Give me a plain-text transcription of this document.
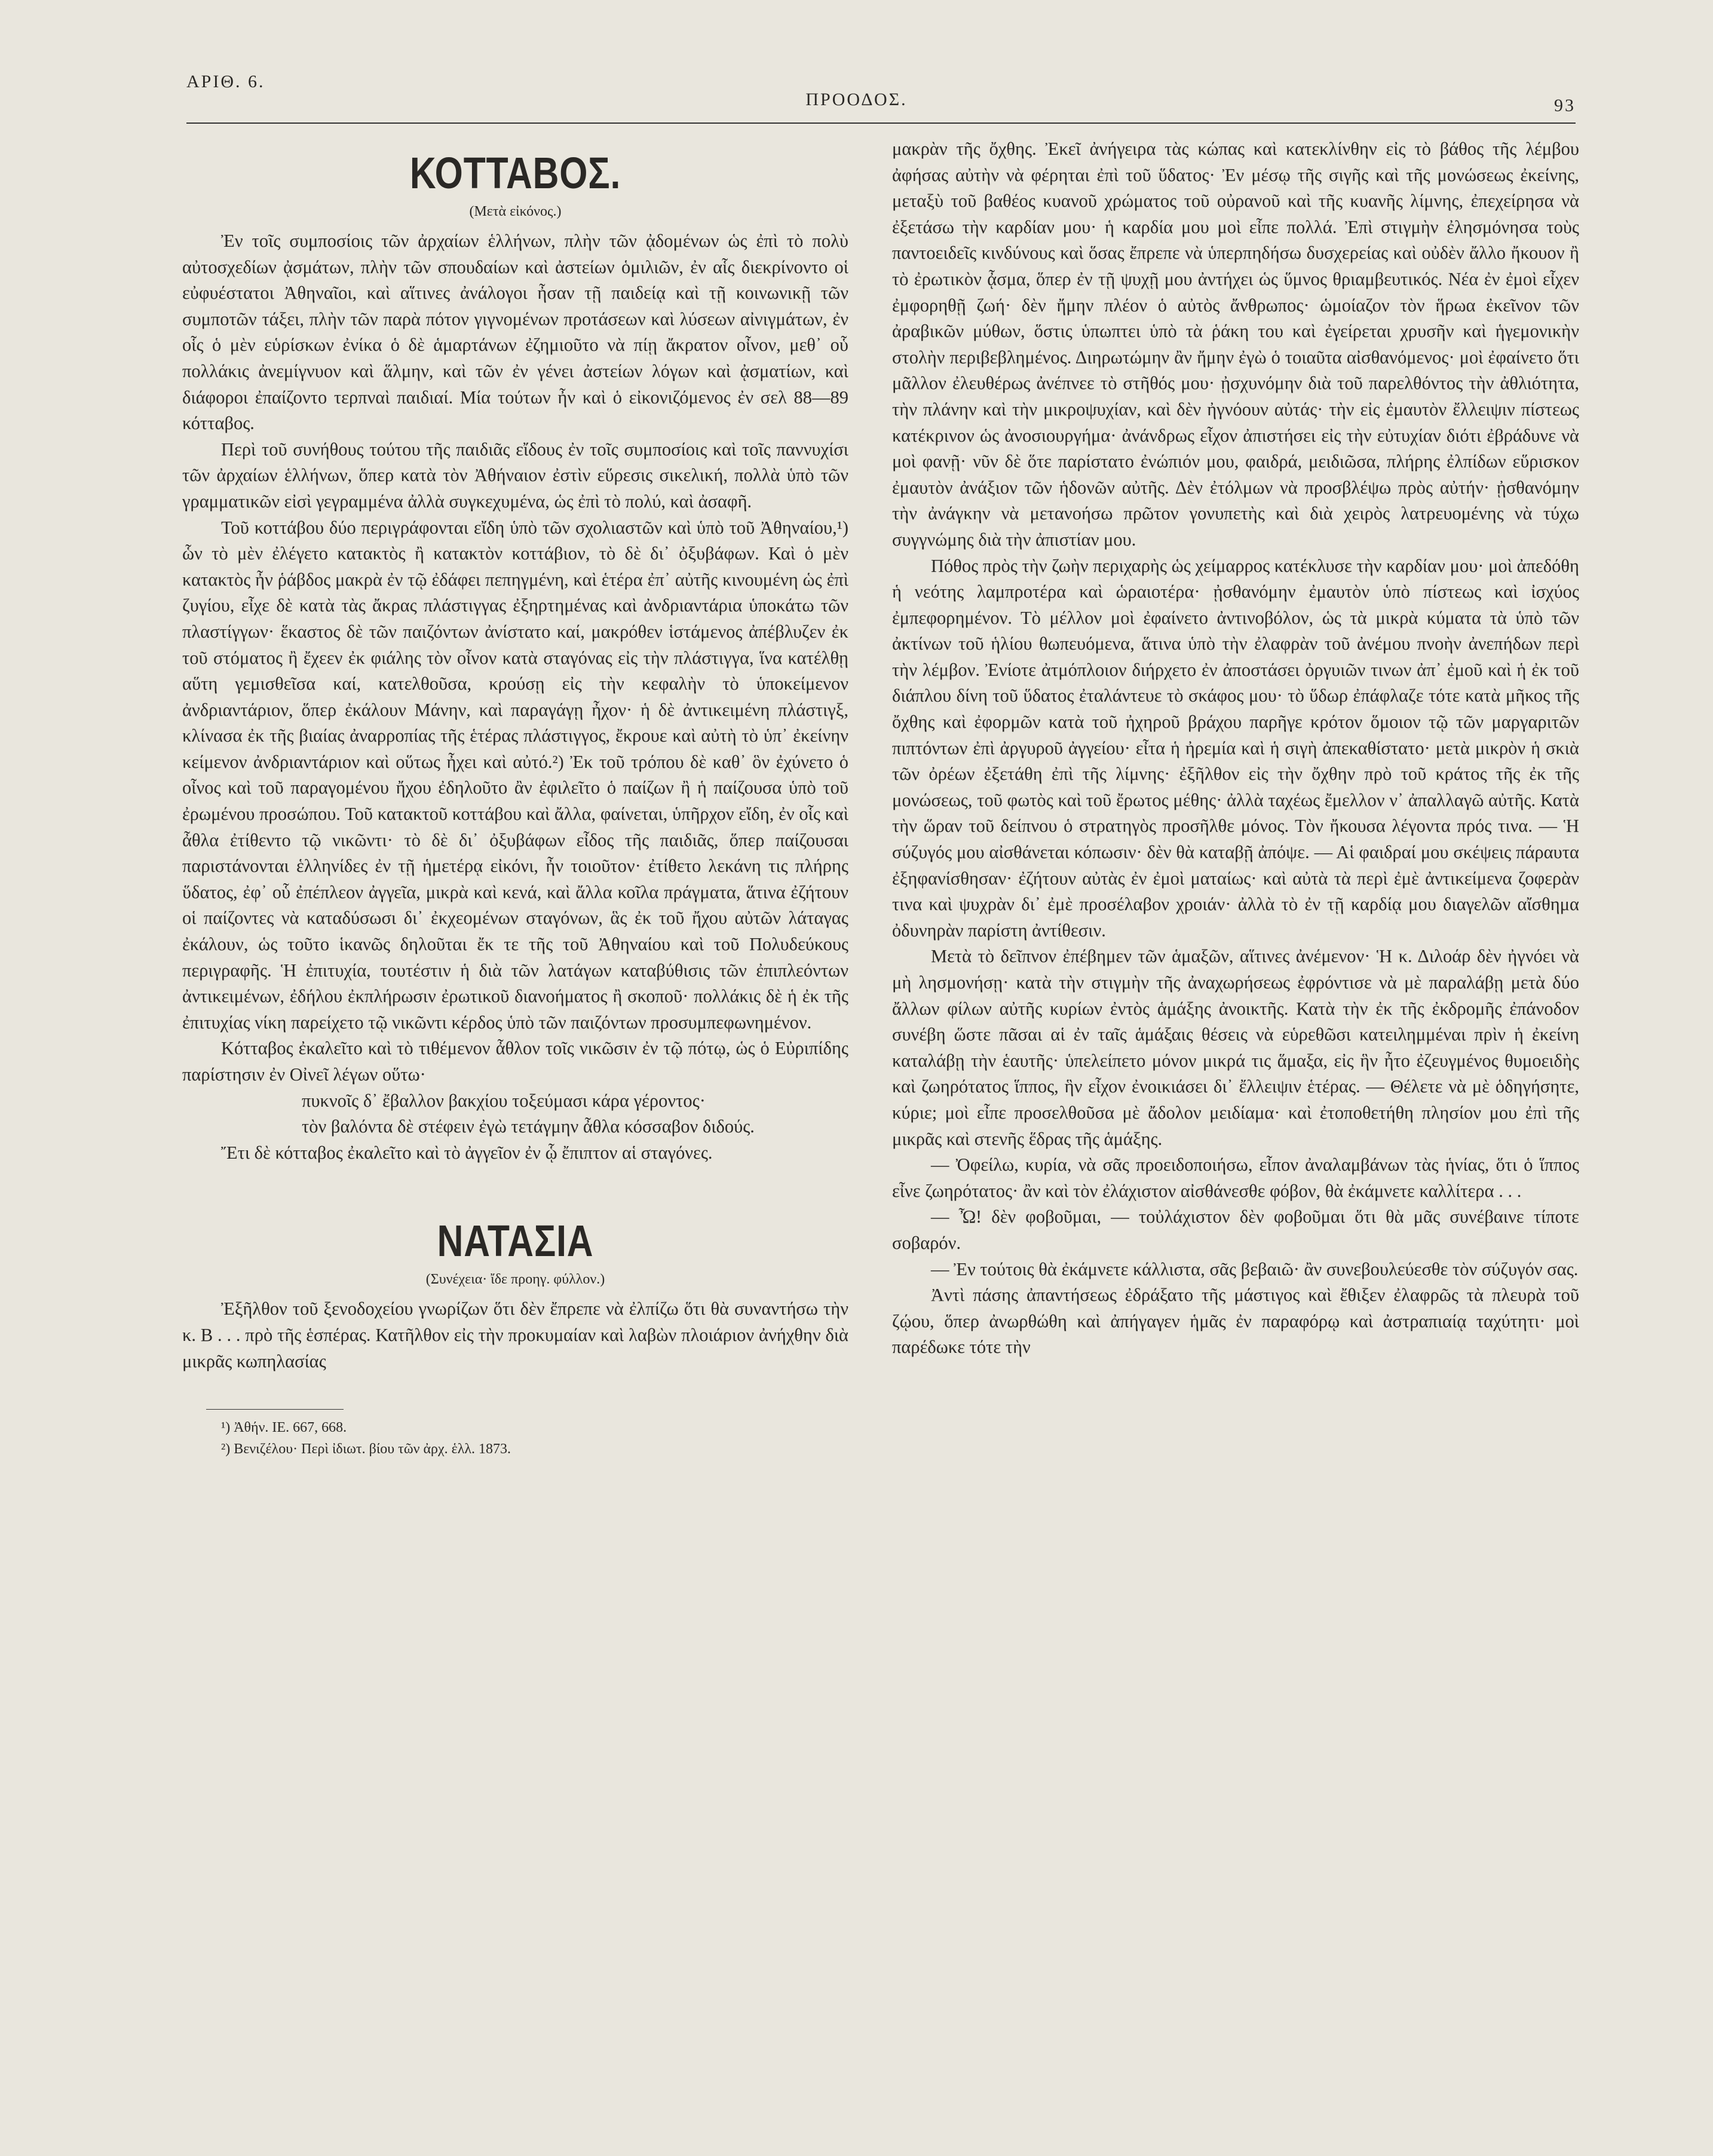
ΑΡΙΘ. 6.
ΠΡΟΟΔΟΣ.	93
ΚΟΤΤΑΒΟΣ.
(Μετὰ εἰκόνος.)

Ἐν τοῖς συμποσίοις τῶν ἀρχαίων ἑλλήνων, πλὴν τῶν ᾀδομένων ὡς ἐπὶ τὸ πολὺ αὐτοσχεδίων ᾀσμάτων, πλὴν τῶν σπουδαίων καὶ ἀστείων ὁμιλιῶν, ἐν αἷς διεκρίνοντο οἱ εὐφυέστατοι Ἀθηναῖοι, καὶ αἵτινες ἀνάλογοι ἦσαν τῇ παιδείᾳ καὶ τῇ κοινωνικῇ τῶν συμποτῶν τάξει, πλὴν τῶν παρὰ πότον γιγνομένων προτάσεων καὶ λύσεων αἰνιγμάτων, ἐν οἷς ὁ μὲν εὑρίσκων ἐνίκα ὁ δὲ ἁμαρτάνων ἐζημιοῦτο νὰ πίῃ ἄκρατον οἶνον, μεθ᾽ οὗ πολλάκις ἀνεμίγνυον καὶ ἅλμην, καὶ τῶν ἐν γένει ἀστείων λόγων καὶ ᾀσματίων, καὶ διάφοροι ἐπαίζοντο τερπναὶ παιδιαί. Μία τούτων ἦν καὶ ὁ εἰκονιζόμενος ἐν σελ 88—89 κότταβος.

Περὶ τοῦ συνήθους τούτου τῆς παιδιᾶς εἴδους ἐν τοῖς συμποσίοις καὶ τοῖς παννυχίσι τῶν ἀρχαίων ἑλλήνων, ὅπερ κατὰ τὸν Ἀθήναιον ἐστὶν εὕρεσις σικελική, πολλὰ ὑπὸ τῶν γραμματικῶν εἰσὶ γεγραμμένα ἀλλὰ συγκεχυμένα, ὡς ἐπὶ τὸ πολύ, καὶ ἀσαφῆ.

Τοῦ κοττάβου δύο περιγράφονται εἴδη ὑπὸ τῶν σχολιαστῶν καὶ ὑπὸ τοῦ Ἀθηναίου,¹) ὧν τὸ μὲν ἐλέγετο κατακτὸς ἢ κατακτὸν κοττάβιον, τὸ δὲ δι᾽ ὀξυβάφων. Καὶ ὁ μὲν κατακτὸς ἦν ῥάβδος μακρὰ ἐν τῷ ἐδάφει πεπηγμένη, καὶ ἑτέρα ἐπ᾽ αὐτῆς κινουμένη ὡς ἐπὶ ζυγίου, εἶχε δὲ κατὰ τὰς ἄκρας πλάστιγγας ἐξηρτημένας καὶ ἀνδριαντάρια ὑποκάτω τῶν πλαστίγγων· ἕκαστος δὲ τῶν παιζόντων ἀνίστατο καί, μακρόθεν ἱστάμενος ἀπέβλυζεν ἐκ τοῦ στόματος ἢ ἔχεεν ἐκ φιάλης τὸν οἶνον κατὰ σταγόνας εἰς τὴν πλάστιγγα, ἵνα κατέλθῃ αὕτη γεμισθεῖσα καί, κατελθοῦσα, κρούσῃ εἰς τὴν κεφαλὴν τὸ ὑποκείμενον ἀνδριαντάριον, ὅπερ ἐκάλουν Μάνην, καὶ παραγάγῃ ἦχον· ἡ δὲ ἀντικειμένη πλάστιγξ, κλίνασα ἐκ τῆς βιαίας ἀναρροπίας τῆς ἑτέρας πλάστιγγος, ἔκρουε καὶ αὐτὴ τὸ ὑπ᾽ ἐκείνην κείμενον ἀνδριαντάριον καὶ οὕτως ἦχει καὶ αὐτό.²) Ἐκ τοῦ τρόπου δὲ καθ᾽ ὃν ἐχύνετο ὁ οἶνος καὶ τοῦ παραγομένου ἤχου ἐδηλοῦτο ἂν ἐφιλεῖτο ὁ παίζων ἢ ἡ παίζουσα ὑπὸ τοῦ ἐρωμένου προσώπου. Τοῦ κατακτοῦ κοττάβου καὶ ἄλλα, φαίνεται, ὑπῆρχον εἴδη, ἐν οἷς καὶ ἆθλα ἐτίθεντο τῷ νικῶντι· τὸ δὲ δι᾽ ὀξυβάφων εἶδος τῆς παιδιᾶς, ὅπερ παίζουσαι παριστάνονται ἑλληνίδες ἐν τῇ ἡμετέρᾳ εἰκόνι, ἦν τοιοῦτον· ἐτίθετο λεκάνη τις πλήρης ὕδατος, ἐφ᾽ οὗ ἐπέπλεον ἀγγεῖα, μικρὰ καὶ κενά, καὶ ἄλλα κοῖλα πράγματα, ἅτινα ἐζήτουν οἱ παίζοντες νὰ καταδύσωσι δι᾽ ἐκχεομένων σταγόνων, ἃς ἐκ τοῦ ἤχου αὐτῶν λάταγας ἐκάλουν, ὡς τοῦτο ἱκανῶς δηλοῦται ἔκ τε τῆς τοῦ Ἀθηναίου καὶ τοῦ Πολυδεύκους περιγραφῆς. Ἡ ἐπιτυχία, τουτέστιν ἡ διὰ τῶν λατάγων καταβύθισις τῶν ἐπιπλεόντων ἀντικειμένων, ἐδήλου ἐκπλήρωσιν ἐρωτικοῦ διανοήματος ἢ σκοποῦ· πολλάκις δὲ ἡ ἐκ τῆς ἐπιτυχίας νίκη παρείχετο τῷ νικῶντι κέρδος ὑπὸ τῶν παιζόντων προσυμπεφωνημένον.

Κότταβος ἐκαλεῖτο καὶ τὸ τιθέμενον ἆθλον τοῖς νικῶσιν ἐν τῷ πότῳ, ὡς ὁ Εὐριπίδης παρίστησιν ἐν Οἰνεῖ λέγων οὕτω·

πυκνοῖς δ᾽ ἔβαλλον βακχίου τοξεύμασι κάρα γέροντος·

τὸν βαλόντα δὲ στέφειν ἐγὼ τετάγμην ἆθλα κόσσαβον διδούς.

Ἔτι δὲ κότταβος ἐκαλεῖτο καὶ τὸ ἀγγεῖον ἐν ᾧ ἔπιπτον αἱ σταγόνες.

ΝΑΤΑΣΙΑ
(Συνέχεια· ἴδε προηγ. φύλλον.)

Ἐξῆλθον τοῦ ξενοδοχείου γνωρίζων ὅτι δὲν ἔπρεπε νὰ ἐλπίζω ὅτι θὰ συναντήσω τὴν κ. Β . . . πρὸ τῆς ἑσπέρας. Κατῆλθον εἰς τὴν προκυμαίαν καὶ λαβὼν πλοιάριον ἀνήχθην διὰ μικρᾶς κωπηλασίας

¹) Ἀθήν. ΙΕ. 667, 668.
²) Βενιζέλου· Περὶ ἰδιωτ. βίου τῶν ἀρχ. ἑλλ. 1873.

μακρὰν τῆς ὄχθης. Ἐκεῖ ἀνήγειρα τὰς κώπας καὶ κατεκλίνθην εἰς τὸ βάθος τῆς λέμβου ἀφήσας αὐτὴν νὰ φέρηται ἐπὶ τοῦ ὕδατος· Ἐν μέσῳ τῆς σιγῆς καὶ τῆς μονώσεως ἐκείνης, μεταξὺ τοῦ βαθέος κυανοῦ χρώματος τοῦ οὐρανοῦ καὶ τῆς κυανῆς λίμνης, ἐπεχείρησα νὰ ἐξετάσω τὴν καρδίαν μου· ἡ καρδία μου μοὶ εἶπε πολλά. Ἐπὶ στιγμὴν ἐλησμόνησα τοὺς παντοειδεῖς κινδύνους καὶ ὅσας ἔπρεπε νὰ ὑπερπηδήσω δυσχερείας καὶ οὐδὲν ἄλλο ἤκουον ἢ τὸ ἐρωτικὸν ᾆσμα, ὅπερ ἐν τῇ ψυχῇ μου ἀντήχει ὡς ὕμνος θριαμβευτικός. Νέα ἐν ἐμοὶ εἶχεν ἐμφορηθῇ ζωή· δὲν ἤμην πλέον ὁ αὐτὸς ἄνθρωπος· ὡμοίαζον τὸν ἥρωα ἐκεῖνον τῶν ἀραβικῶν μύθων, ὅστις ὑπωπτει ὑπὸ τὰ ῥάκη του καὶ ἐγείρεται χρυσῆν καὶ ἡγεμονικὴν στολὴν περιβεβλημένος. Διηρωτώμην ἂν ἤμην ἐγὼ ὁ τοιαῦτα αἰσθανόμενος· μοὶ ἐφαίνετο ὅτι μᾶλλον ἐλευθέρως ἀνέπνεε τὸ στῆθός μου· ᾐσχυνόμην διὰ τοῦ παρελθόντος τὴν ἀθλιότητα, τὴν πλάνην καὶ τὴν μικροψυχίαν, καὶ δὲν ἠγνόουν αὐτάς· τὴν εἰς ἐμαυτὸν ἔλλειψιν πίστεως κατέκρινον ὡς ἀνοσιουργήμα· ἀνάνδρως εἶχον ἀπιστήσει εἰς τὴν εὐτυχίαν διότι ἐβράδυνε νὰ μοὶ φανῇ· νῦν δὲ ὅτε παρίστατο ἐνώπιόν μου, φαιδρά, μειδιῶσα, πλήρης ἐλπίδων εὕρισκον ἐμαυτὸν ἀνάξιον τῶν ἡδονῶν αὐτῆς. Δὲν ἐτόλμων νὰ προσβλέψω πρὸς αὐτήν· ᾐσθανόμην τὴν ἀνάγκην νὰ μετανοήσω πρῶτον γονυπετὴς καὶ διὰ χειρὸς λατρευομένης νὰ τύχω συγγνώμης διὰ τὴν ἀπιστίαν μου.

Πόθος πρὸς τὴν ζωὴν περιχαρὴς ὡς χείμαρρος κατέκλυσε τὴν καρδίαν μου· μοὶ ἀπεδόθη ἡ νεότης λαμπροτέρα καὶ ὡραιοτέρα· ᾐσθανόμην ἐμαυτὸν ὑπὸ πίστεως καὶ ἰσχύος ἐμπεφορημένον. Τὸ μέλλον μοὶ ἐφαίνετο ἀντινοβόλον, ὡς τὰ μικρὰ κύματα τὰ ὑπὸ τῶν ἀκτίνων τοῦ ἡλίου θωπευόμενα, ἅτινα ὑπὸ τὴν ἐλαφρὰν τοῦ ἀνέμου πνοὴν ἀνεπήδων περὶ τὴν λέμβον. Ἐνίοτε ἀτμόπλοιον διήρχετο ἐν ἀποστάσει ὀργυιῶν τινων ἀπ᾽ ἐμοῦ καὶ ἡ ἐκ τοῦ διάπλου δίνη τοῦ ὕδατος ἐταλάντευε τὸ σκάφος μου· τὸ ὕδωρ ἐπάφλαζε τότε κατὰ μῆκος τῆς ὄχθης καὶ ἐφορμῶν κατὰ τοῦ ἠχηροῦ βράχου παρῆγε κρότον ὅμοιον τῷ τῶν μαργαριτῶν πιπτόντων ἐπὶ ἀργυροῦ ἀγγείου· εἶτα ἡ ἠρεμία καὶ ἡ σιγὴ ἀπεκαθίστατο· μετὰ μικρὸν ἡ σκιὰ τῶν ὀρέων ἐξετάθη ἐπὶ τῆς λίμνης· ἐξῆλθον εἰς τὴν ὄχθην πρὸ τοῦ κράτος τῆς ἐκ τῆς μονώσεως, τοῦ φωτὸς καὶ τοῦ ἔρωτος μέθης· ἀλλὰ ταχέως ἔμελλον ν᾽ ἀπαλλαγῶ αὐτῆς. Κατὰ τὴν ὥραν τοῦ δείπνου ὁ στρατηγὸς προσῆλθε μόνος. Τὸν ἤκουσα λέγοντα πρός τινα. — Ἡ σύζυγός μου αἰσθάνεται κόπωσιν· δὲν θὰ καταβῇ ἀπόψε. — Αἱ φαιδραί μου σκέψεις πάραυτα ἐξηφανίσθησαν· ἐζήτουν αὐτὰς ἐν ἐμοὶ ματαίως· καὶ αὐτὰ τὰ περὶ ἐμὲ ἀντικείμενα ζοφερὰν τινα καὶ ψυχρὰν δι᾽ ἐμὲ προσέλαβον χροιάν· ἀλλὰ τὸ ἐν τῇ καρδίᾳ μου διαγελῶν αἴσθημα ὀδυνηρὰν παρίστη ἀντίθεσιν.

Μετὰ τὸ δεῖπνον ἐπέβημεν τῶν ἁμαξῶν, αἵτινες ἀνέμενον· Ἡ κ. Διλοάρ δὲν ἠγνόει νὰ μὴ λησμονήσῃ· κατὰ τὴν στιγμὴν τῆς ἀναχωρήσεως ἐφρόντισε νὰ μὲ παραλάβῃ μετὰ δύο ἄλλων φίλων αὐτῆς κυρίων ἐντὸς ἁμάξης ἀνοικτῆς. Κατὰ τὴν ἐκ τῆς ἐκδρομῆς ἐπάνοδον συνέβη ὥστε πᾶσαι αἱ ἐν ταῖς ἁμάξαις θέσεις νὰ εὑρεθῶσι κατειλημμέναι πρὶν ἡ ἐκείνη καταλάβῃ τὴν ἑαυτῆς· ὑπελείπετο μόνον μικρά τις ἅμαξα, εἰς ἣν ἦτο ἐζευγμένος θυμοειδὴς καὶ ζωηρότατος ἵππος, ἣν εἶχον ἐνοικιάσει δι᾽ ἔλλειψιν ἑτέρας. — Θέλετε νὰ μὲ ὁδηγήσητε, κύριε; μοὶ εἶπε προσελθοῦσα μὲ ἄδολον μειδίαμα· καὶ ἐτοποθετήθη πλησίον μου ἐπὶ τῆς μικρᾶς καὶ στενῆς ἕδρας τῆς ἁμάξης.

— Ὀφείλω, κυρία, νὰ σᾶς προειδοποιήσω, εἶπον ἀναλαμβάνων τὰς ἡνίας, ὅτι ὁ ἵππος εἶνε ζωηρότατος· ἂν καὶ τὸν ἐλάχιστον αἰσθάνεσθε φόβον, θὰ ἐκάμνετε καλλίτερα . . .

— Ὦ! δὲν φοβοῦμαι, — τοὐλάχιστον δὲν φοβοῦμαι ὅτι θὰ μᾶς συνέβαινε τίποτε σοβαρόν.

— Ἐν τούτοις θὰ ἐκάμνετε κάλλιστα, σᾶς βεβαιῶ· ἂν συνεβουλεύεσθε τὸν σύζυγόν σας.

Ἀντὶ πάσης ἀπαντήσεως ἐδράξατο τῆς μάστιγος καὶ ἔθιξεν ἐλαφρῶς τὰ πλευρὰ τοῦ ζῴου, ὅπερ ἀνωρθώθη καὶ ἀπήγαγεν ἡμᾶς ἐν παραφόρῳ καὶ ἀστραπιαίᾳ ταχύτητι· μοὶ παρέδωκε τότε τὴν
